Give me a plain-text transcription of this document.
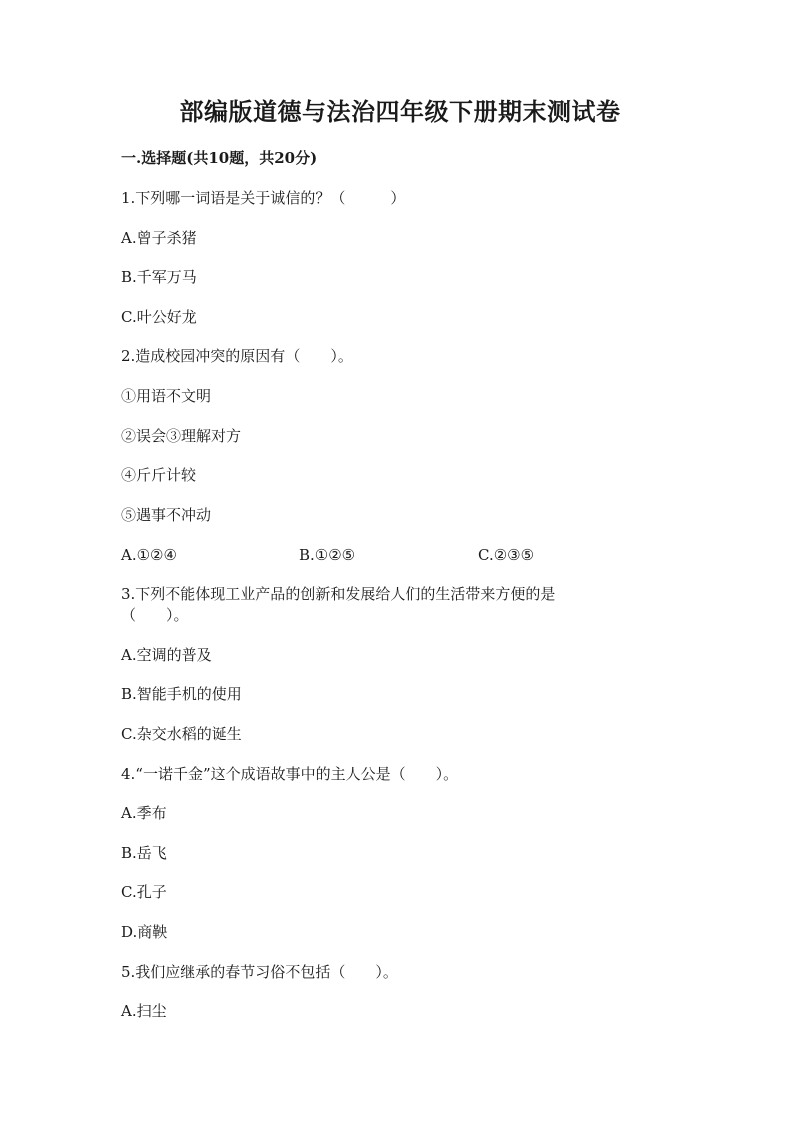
部编版道德与法治四年级下册期末测试卷
一.选择题(共10题，共20分)
1.下列哪一词语是关于诚信的？（　　　）
A.曾子杀猪
B.千军万马
C.叶公好龙
2.造成校园冲突的原因有（　　）。
①用语不文明
②误会③理解对方
④斤斤计较
⑤遇事不冲动
A.①②④	B.①②⑤	C.②③⑤
3.下列不能体现工业产品的创新和发展给人们的生活带来方便的是
（　　）。
A.空调的普及
B.智能手机的使用
C.杂交水稻的诞生
4.“一诺千金”这个成语故事中的主人公是（　　）。
A.季布
B.岳飞
C.孔子
D.商鞅
5.我们应继承的春节习俗不包括（　　）。
A.扫尘
